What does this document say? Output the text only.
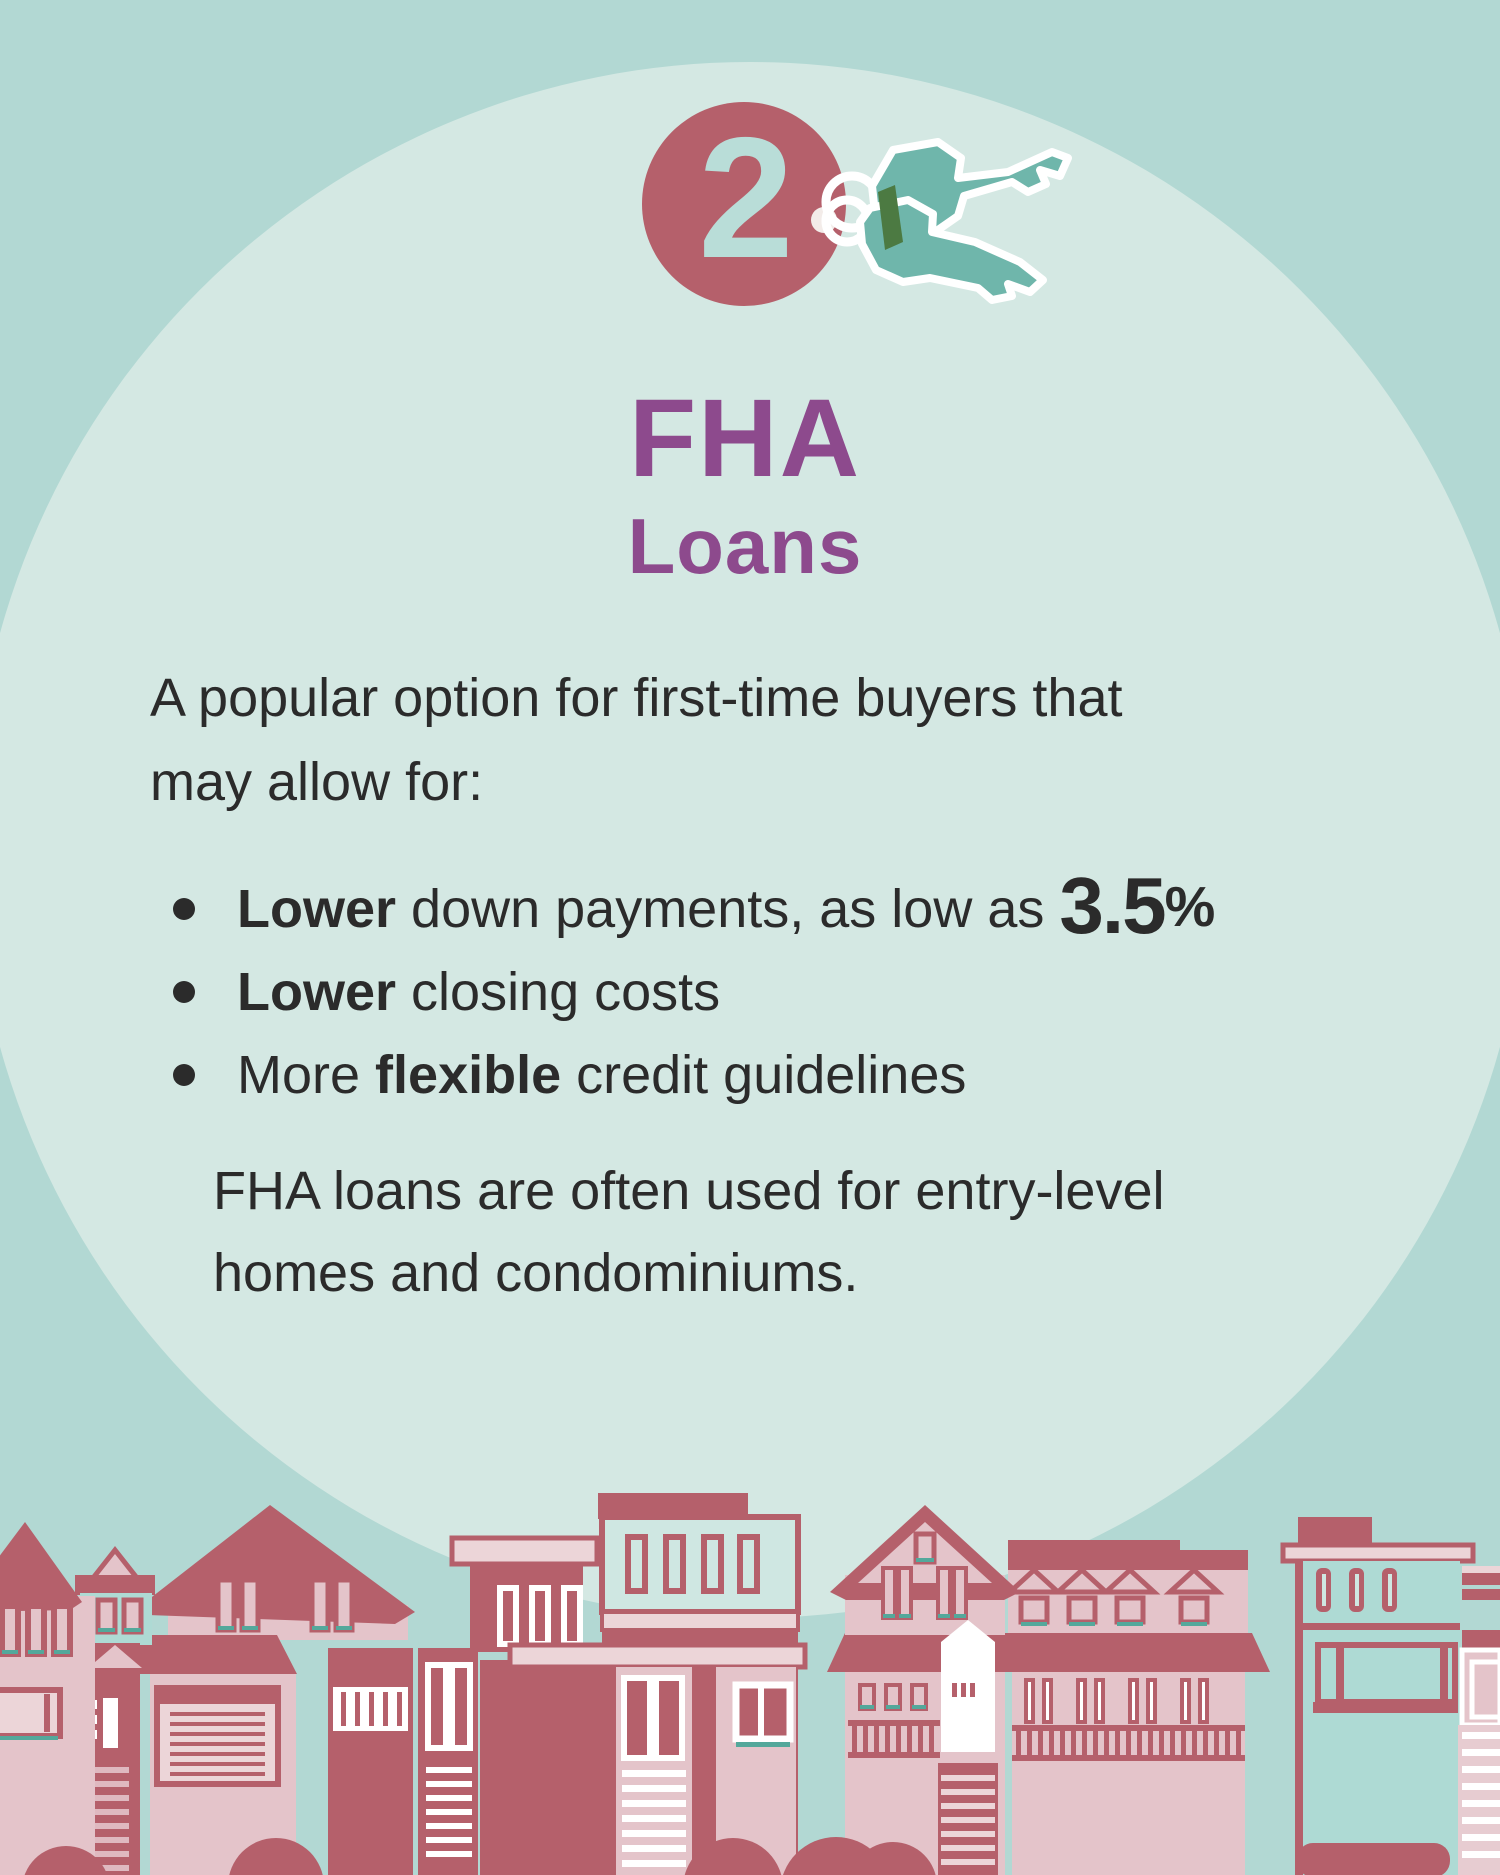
2
FHA
Loans
A popular option for first-time buyers that may allow for:
Lower down payments, as low as 3.5%
Lower closing costs
More flexible credit guidelines
FHA loans are often used for entry-level homes and condominiums.
